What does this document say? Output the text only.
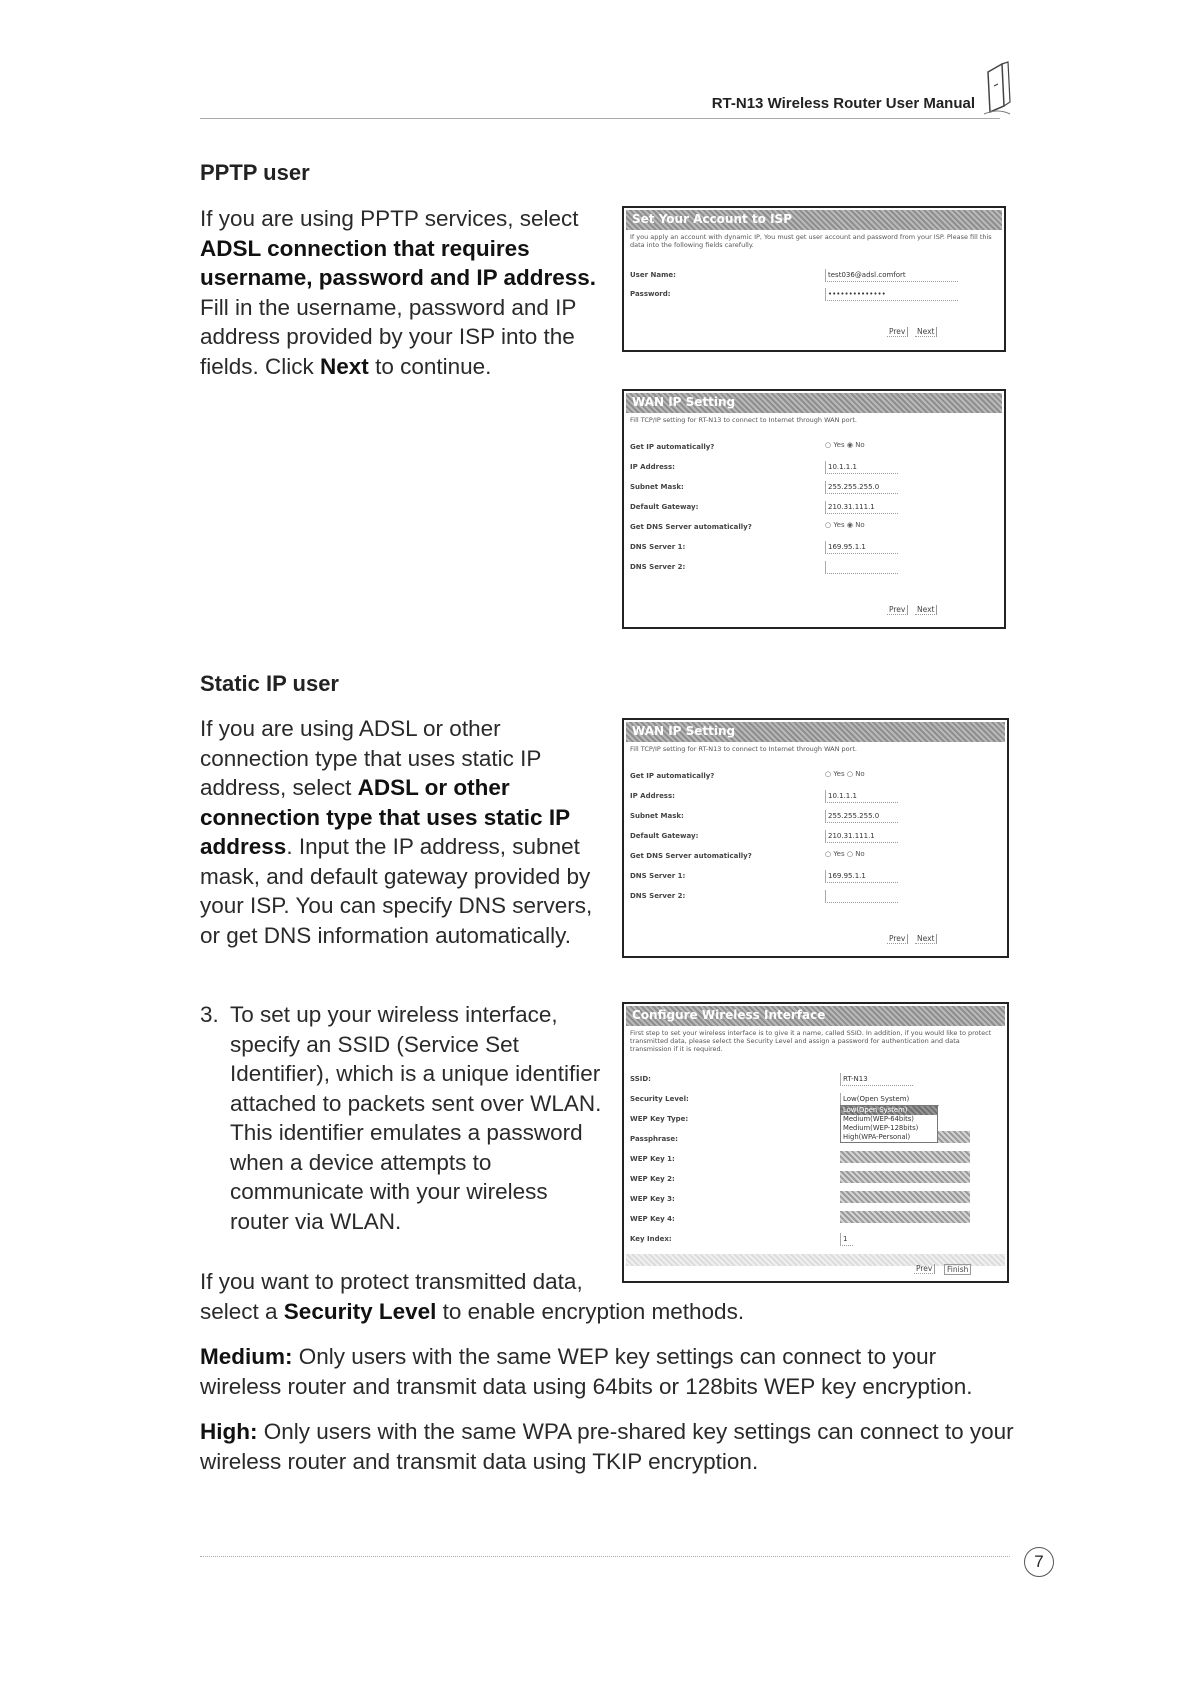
RT-N13 Wireless Router User Manual
PPTP user
If you are using PPTP services, select
ADSL connection that requires username, password and IP address. Fill in the username, password and IP address provided by your ISP into the fields. Click Next to continue.
Set Your Account to ISP
If you apply an account with dynamic IP, You must get user account and password from your ISP. Please fill this data into the following fields carefully.
User Name:	test036@adsl.comfort
Password:	••••••••••••••
Prev	Next
WAN IP Setting
Fill TCP/IP setting for RT-N13 to connect to Internet through WAN port.
Get IP automatically?	○ Yes ◉ No
IP Address:	10.1.1.1
Subnet Mask:	255.255.255.0
Default Gateway:	210.31.111.1
Get DNS Server automatically?	○ Yes ◉ No
DNS Server 1:	169.95.1.1
DNS Server 2:
Prev	Next
Static IP user
If you are using ADSL or other connection type that uses static IP address, select ADSL or other connection type that uses static IP address. Input the IP address, subnet mask, and default gateway provided by your ISP. You can specify DNS servers, or get DNS information automatically.
WAN IP Setting
Fill TCP/IP setting for RT-N13 to connect to Internet through WAN port.
Get IP automatically?	○ Yes ○ No
IP Address:	10.1.1.1
Subnet Mask:	255.255.255.0
Default Gateway:	210.31.111.1
Get DNS Server automatically?	○ Yes ○ No
DNS Server 1:	169.95.1.1
DNS Server 2:
Prev	Next
3. To set up your wireless interface, specify an SSID (Service Set Identifier), which is a unique identifier attached to packets sent over WLAN. This identifier emulates a password when a device attempts to communicate with your wireless router via WLAN.
Configure Wireless Interface
First step to set your wireless interface is to give it a name, called SSID. In addition, if you would like to protect transmitted data, please select the Security Level and assign a password for authentication and data transmission if it is required.
SSID:	RT-N13
Security Level:	Low(Open System)
WEP Key Type:
Passphrase:
WEP Key 1:
WEP Key 2:
WEP Key 3:
WEP Key 4:
Key Index:	1
Low(Open System)
Medium(WEP-64bits)
Medium(WEP-128bits)
High(WPA-Personal)
Prev	Finish
If you want to protect transmitted data,
select a Security Level to enable encryption methods.
Medium: Only users with the same WEP key settings can connect to your wireless router and transmit data using 64bits or 128bits WEP key encryption.
High: Only users with the same WPA pre-shared key settings can connect to your wireless router and transmit data using TKIP encryption.
7
